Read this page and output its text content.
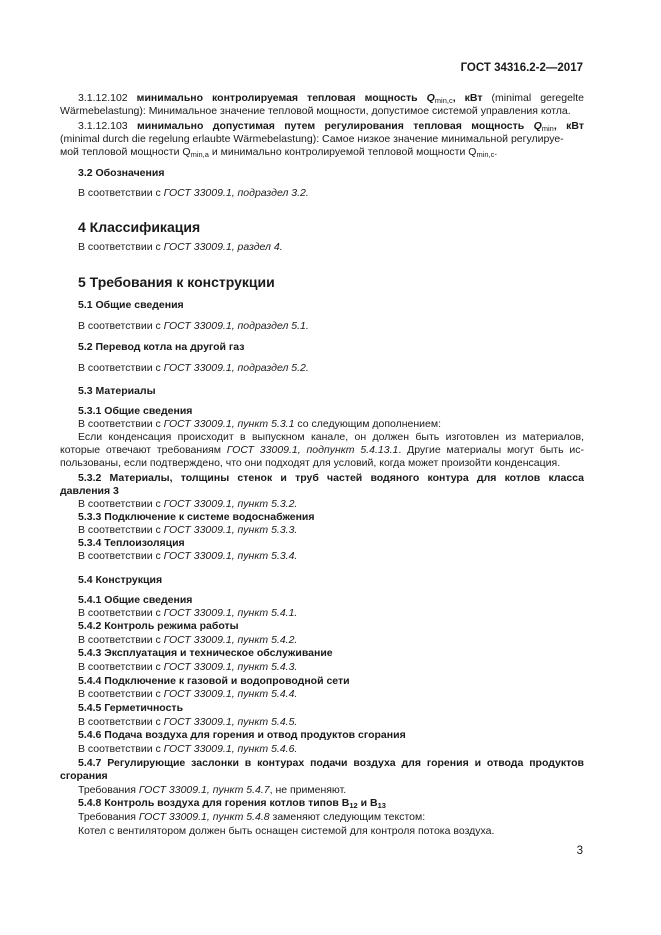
ГОСТ 34316.2-2—2017
3.1.12.102 минимально контролируемая тепловая мощность $Q_{min,c}$, кВт (minimal geregelte
Wärmebelastung): Минимальное значение тепловой мощности, допустимое системой управления котла.
3.1.12.103 минимально допустимая путем регулирования тепловая мощность $Q_{min}$, кВт
(minimal durch die regelung erlaubte Wärmebelastung): Самое низкое значение минимальной регулируе-
мой тепловой мощности $Q_{min,a}$ и минимально контролируемой тепловой мощности $Q_{min,c}$.
3.2 Обозначения
В соответствии с ГОСТ 33009.1, подраздел 3.2.
4 Классификация
В соответствии с ГОСТ 33009.1, раздел 4.
5 Требования к конструкции
5.1 Общие сведения
В соответствии с ГОСТ 33009.1, подраздел 5.1.
5.2 Перевод котла на другой газ
В соответствии с ГОСТ 33009.1, подраздел 5.2.
5.3 Материалы
5.3.1 Общие сведения
В соответствии с ГОСТ 33009.1, пункт 5.3.1 со следующим дополнением:
Если конденсация происходит в выпускном канале, он должен быть изготовлен из материалов,
которые отвечают требованиям ГОСТ 33009.1, подпункт 5.4.13.1. Другие материалы могут быть ис-
пользованы, если подтверждено, что они подходят для условий, когда может произойти конденсация.
5.3.2 Материалы, толщины стенок и труб частей водяного контура для котлов класса
давления 3
В соответствии с ГОСТ 33009.1, пункт 5.3.2.
5.3.3 Подключение к системе водоснабжения
В соответствии с ГОСТ 33009.1, пункт 5.3.3.
5.3.4 Теплоизоляция
В соответствии с ГОСТ 33009.1, пункт 5.3.4.
5.4 Конструкция
5.4.1 Общие сведения
В соответствии с ГОСТ 33009.1, пункт 5.4.1.
5.4.2 Контроль режима работы
В соответствии с ГОСТ 33009.1, пункт 5.4.2.
5.4.3 Эксплуатация и техническое обслуживание
В соответствии с ГОСТ 33009.1, пункт 5.4.3.
5.4.4 Подключение к газовой и водопроводной сети
В соответствии с ГОСТ 33009.1, пункт 5.4.4.
5.4.5 Герметичность
В соответствии с ГОСТ 33009.1, пункт 5.4.5.
5.4.6 Подача воздуха для горения и отвод продуктов сгорания
В соответствии с ГОСТ 33009.1, пункт 5.4.6.
5.4.7 Регулирующие заслонки в контурах подачи воздуха для горения и отвода продуктов
сгорания
Требования ГОСТ 33009.1, пункт 5.4.7, не применяют.
5.4.8 Контроль воздуха для горения котлов типов $B_{12}$ и $B_{13}$
Требования ГОСТ 33009.1, пункт 5.4.8 заменяют следующим текстом:
Котел с вентилятором должен быть оснащен системой для контроля потока воздуха.
3
